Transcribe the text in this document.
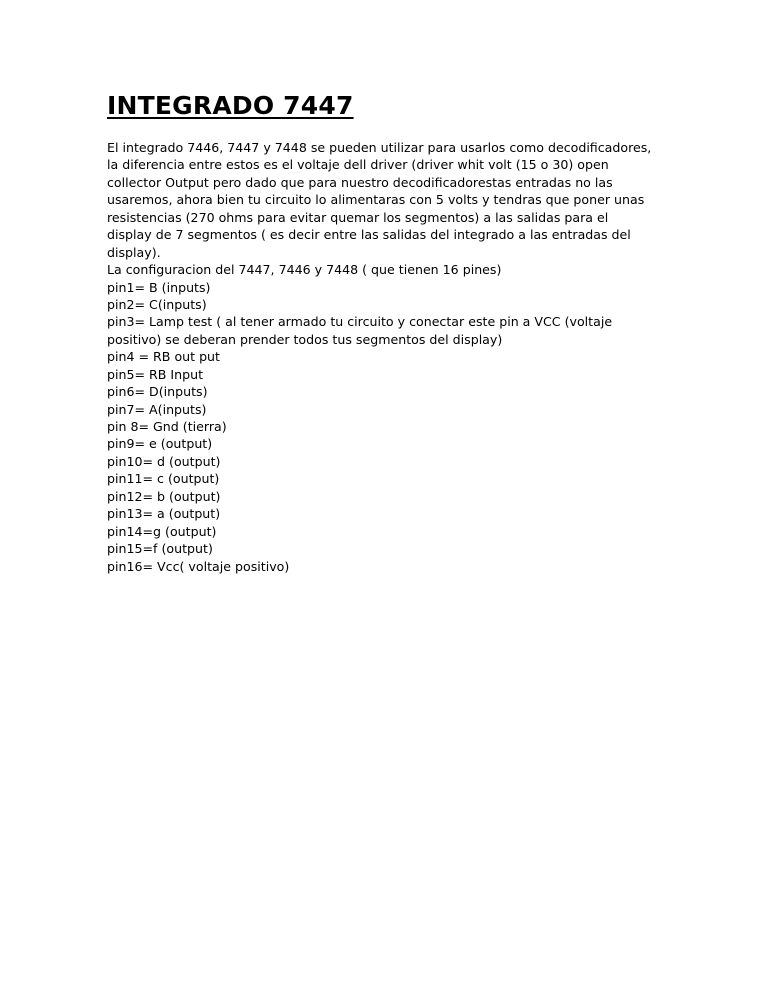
INTEGRADO 7447
El integrado 7446, 7447 y 7448 se pueden utilizar para usarlos como decodificadores,
la diferencia entre estos es el voltaje dell driver (driver whit volt (15 o 30) open
collector Output pero dado que para nuestro decodificadorestas entradas no las
usaremos, ahora bien tu circuito lo alimentaras con 5 volts y tendras que poner unas
resistencias (270 ohms para evitar quemar los segmentos) a las salidas para el
display de 7 segmentos ( es decir entre las salidas del integrado a las entradas del
display).
La configuracion del 7447, 7446 y 7448 ( que tienen 16 pines)
pin1= B (inputs)
pin2= C(inputs)
pin3= Lamp test ( al tener armado tu circuito y conectar este pin a VCC (voltaje
positivo) se deberan prender todos tus segmentos del display)
pin4 = RB out put
pin5= RB Input
pin6= D(inputs)
pin7= A(inputs)
pin 8= Gnd (tierra)
pin9= e (output)
pin10= d (output)
pin11= c (output)
pin12= b (output)
pin13= a (output)
pin14=g (output)
pin15=f (output)
pin16= Vcc( voltaje positivo)
